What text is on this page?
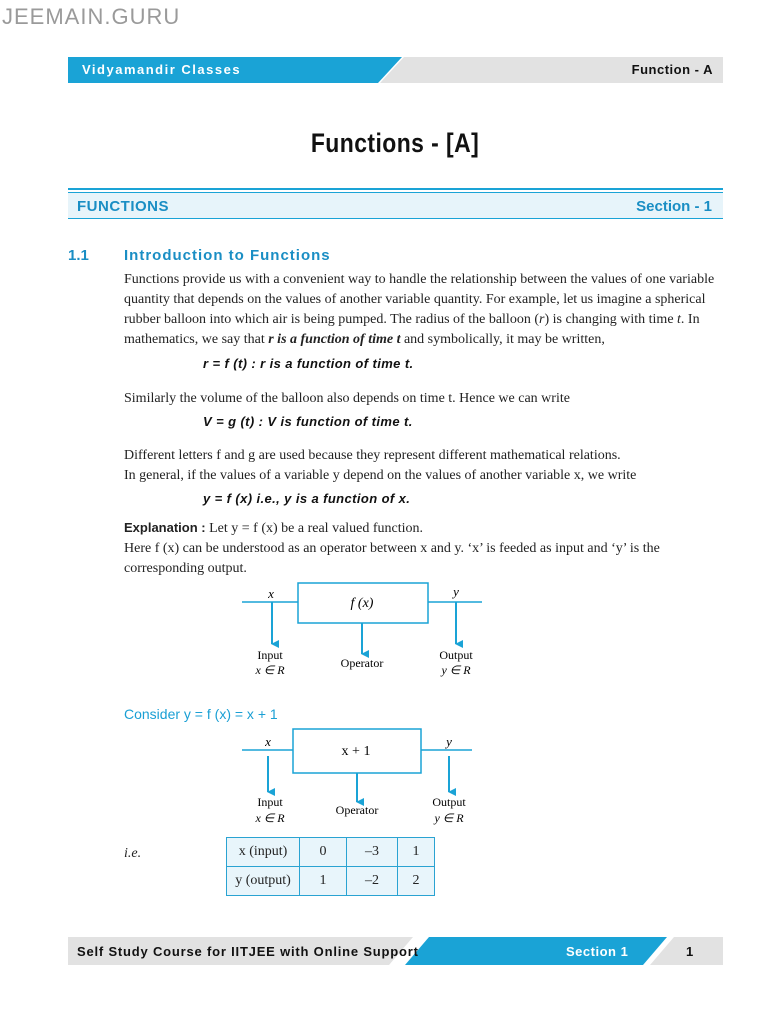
JEEMAIN.GURU
Vidyamandir Classes	Function - A
Functions - [A]
FUNCTIONS	Section - 1
1.1 Introduction to Functions

Functions provide us with a convenient way to handle the relationship between the values of one variable quantity that depends on the values of another variable quantity. For example, let us imagine a spherical rubber balloon into which air is being pumped. The radius of the balloon (r) is changing with time t. In mathematics, we say that r is a function of time t and symbolically, it may be written,

r = f (t) : r is a function of time t.
Similarly the volume of the balloon also depends on time t. Hence we can write
V = g (t) : V is function of time t.
Different letters f and g are used because they represent different mathematical relations.
In general, if the values of a variable y depend on the values of another variable x, we write
y = f (x) i.e., y is a function of x.

Explanation : Let y = f (x) be a real valued function.

Here f (x) can be understood as an operator between x and y. ‘x’ is feeded as input and ‘y’ is the corresponding output.

x
f (x)
y
Input
x ∈ R	Operator
Output
y ∈ R
Consider y = f (x) = x + 1
x
x + 1
y
Input
x ∈ R
Operator
Output
y ∈ R
i.e.	x (input)	0	–3	1
y (output)	1	–2	2
Self Study Course for IITJEE with Online Support	Section 1	1
